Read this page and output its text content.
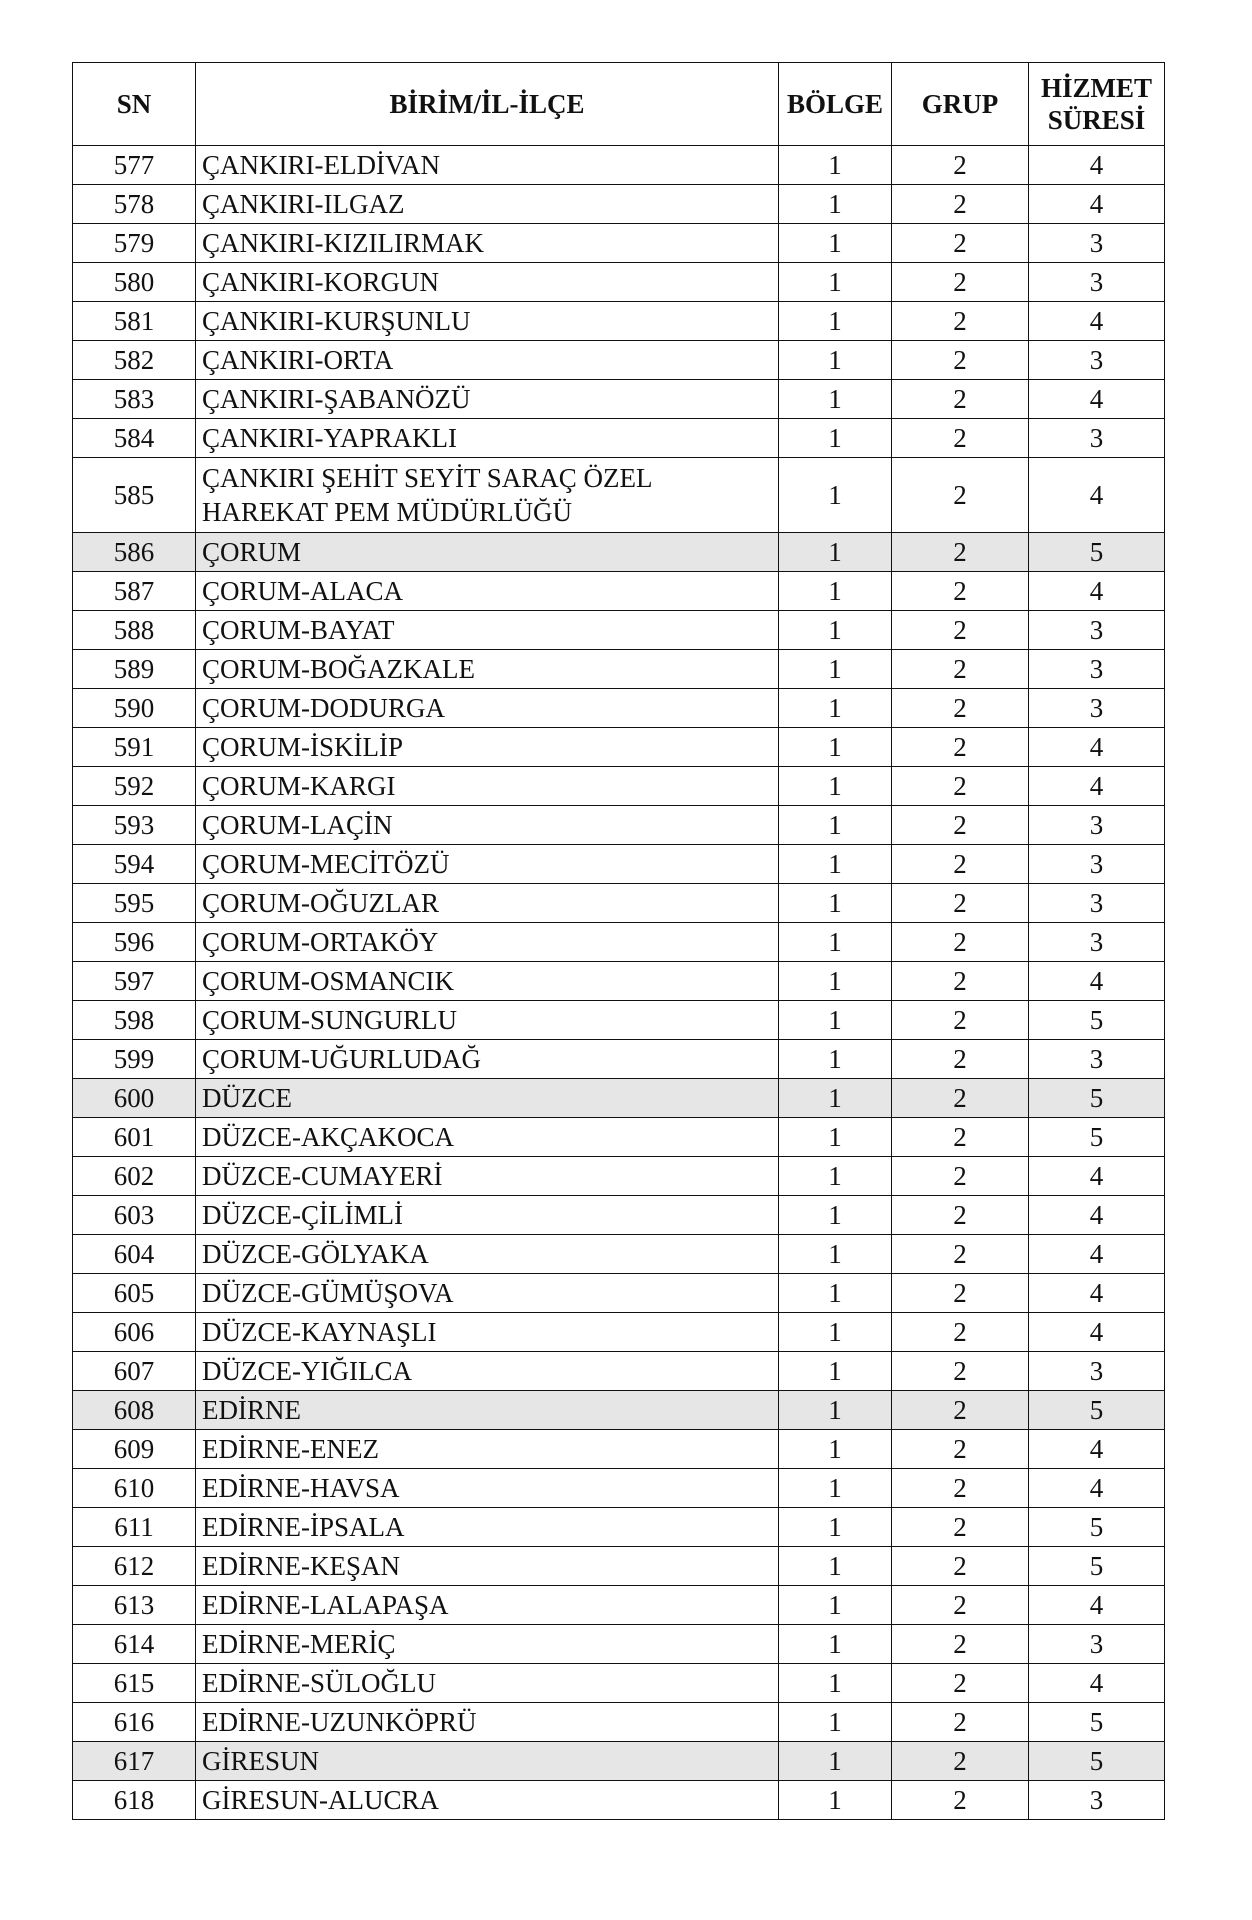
SN	BİRİM/İL-İLÇE	BÖLGE	GRUP	HİZMET
SÜRESİ
577	ÇANKIRI-ELDİVAN	1	2	4
578	ÇANKIRI-ILGAZ	1	2	4
579	ÇANKIRI-KIZILIRMAK	1	2	3
580	ÇANKIRI-KORGUN	1	2	3
581	ÇANKIRI-KURŞUNLU	1	2	4
582	ÇANKIRI-ORTA	1	2	3
583	ÇANKIRI-ŞABANÖZÜ	1	2	4
584	ÇANKIRI-YAPRAKLI	1	2	3
585	ÇANKIRI ŞEHİT SEYİT SARAÇ ÖZEL HAREKAT PEM MÜDÜRLÜĞÜ	1	2	4
586	ÇORUM	1	2	5
587	ÇORUM-ALACA	1	2	4
588	ÇORUM-BAYAT	1	2	3
589	ÇORUM-BOĞAZKALE	1	2	3
590	ÇORUM-DODURGA	1	2	3
591	ÇORUM-İSKİLİP	1	2	4
592	ÇORUM-KARGI	1	2	4
593	ÇORUM-LAÇİN	1	2	3
594	ÇORUM-MECİTÖZÜ	1	2	3
595	ÇORUM-OĞUZLAR	1	2	3
596	ÇORUM-ORTAKÖY	1	2	3
597	ÇORUM-OSMANCIK	1	2	4
598	ÇORUM-SUNGURLU	1	2	5
599	ÇORUM-UĞURLUDAĞ	1	2	3
600	DÜZCE	1	2	5
601	DÜZCE-AKÇAKOCA	1	2	5
602	DÜZCE-CUMAYERİ	1	2	4
603	DÜZCE-ÇİLİMLİ	1	2	4
604	DÜZCE-GÖLYAKA	1	2	4
605	DÜZCE-GÜMÜŞOVA	1	2	4
606	DÜZCE-KAYNAŞLI	1	2	4
607	DÜZCE-YIĞILCA	1	2	3
608	EDİRNE	1	2	5
609	EDİRNE-ENEZ	1	2	4
610	EDİRNE-HAVSA	1	2	4
611	EDİRNE-İPSALA	1	2	5
612	EDİRNE-KEŞAN	1	2	5
613	EDİRNE-LALAPAŞA	1	2	4
614	EDİRNE-MERİÇ	1	2	3
615	EDİRNE-SÜLOĞLU	1	2	4
616	EDİRNE-UZUNKÖPRÜ	1	2	5
617	GİRESUN	1	2	5
618	GİRESUN-ALUCRA	1	2	3
